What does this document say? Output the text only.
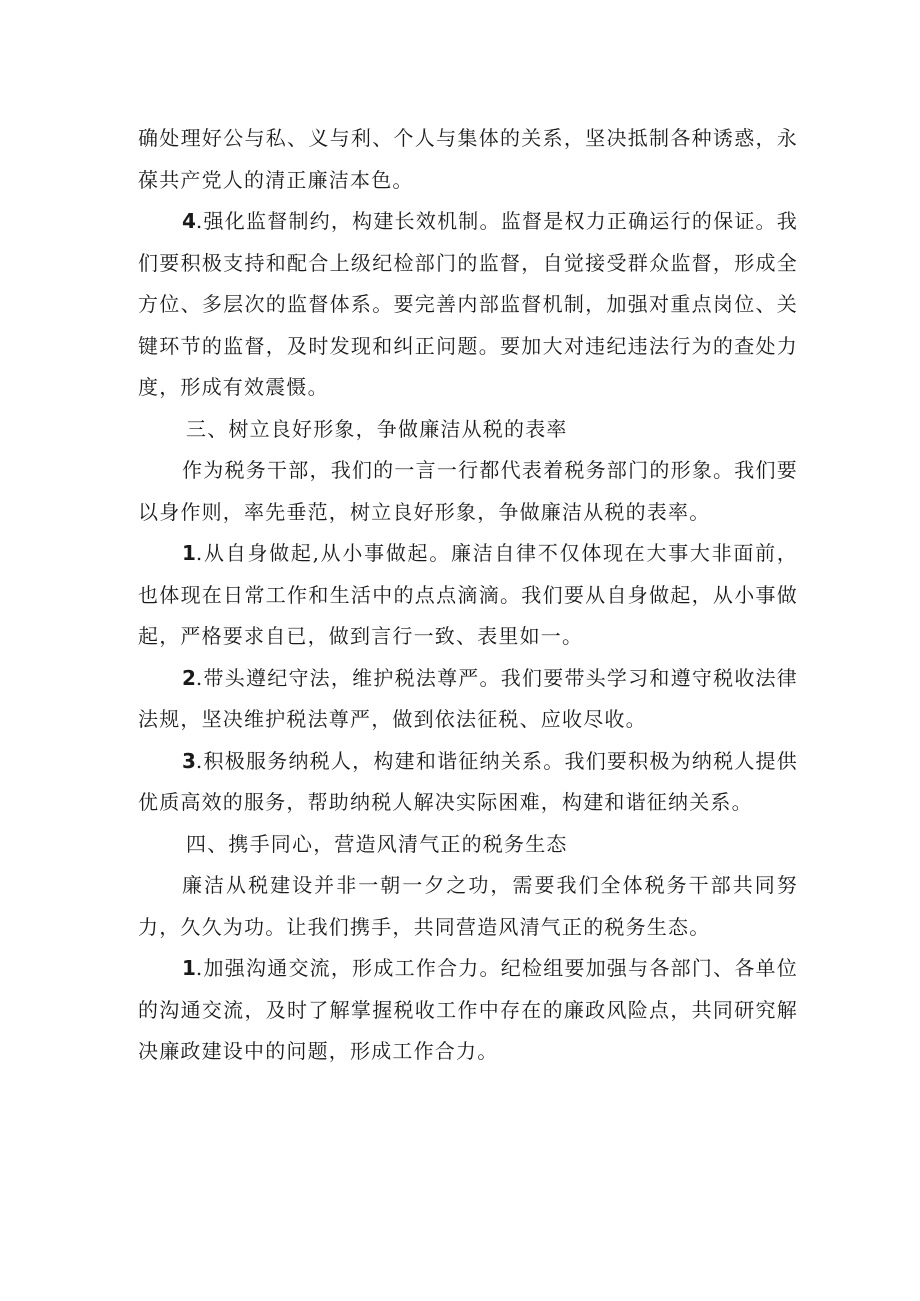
确处理好公与私、义与利、个人与集体的关系，坚决抵制各种诱惑，永葆共产党人的清正廉洁本色。

4.强化监督制约，构建长效机制。监督是权力正确运行的保证。我们要积极支持和配合上级纪检部门的监督，自觉接受群众监督，形成全方位、多层次的监督体系。要完善内部监督机制，加强对重点岗位、关键环节的监督，及时发现和纠正问题。要加大对违纪违法行为的查处力度，形成有效震慑。

三、树立良好形象，争做廉洁从税的表率

作为税务干部，我们的一言一行都代表着税务部门的形象。我们要以身作则，率先垂范，树立良好形象，争做廉洁从税的表率。

1.从自身做起,从小事做起。廉洁自律不仅体现在大事大非面前，也体现在日常工作和生活中的点点滴滴。我们要从自身做起，从小事做起，严格要求自已，做到言行一致、表里如一。

2.带头遵纪守法，维护税法尊严。我们要带头学习和遵守税收法律法规，坚决维护税法尊严，做到依法征税、应收尽收。

3.积极服务纳税人，构建和谐征纳关系。我们要积极为纳税人提供优质高效的服务，帮助纳税人解决实际困难，构建和谐征纳关系。

四、携手同心，营造风清气正的税务生态

廉洁从税建设并非一朝一夕之功，需要我们全体税务干部共同努力，久久为功。让我们携手，共同营造风清气正的税务生态。

1.加强沟通交流，形成工作合力。纪检组要加强与各部门、各单位的沟通交流，及时了解掌握税收工作中存在的廉政风险点，共同研究解决廉政建设中的问题，形成工作合力。
